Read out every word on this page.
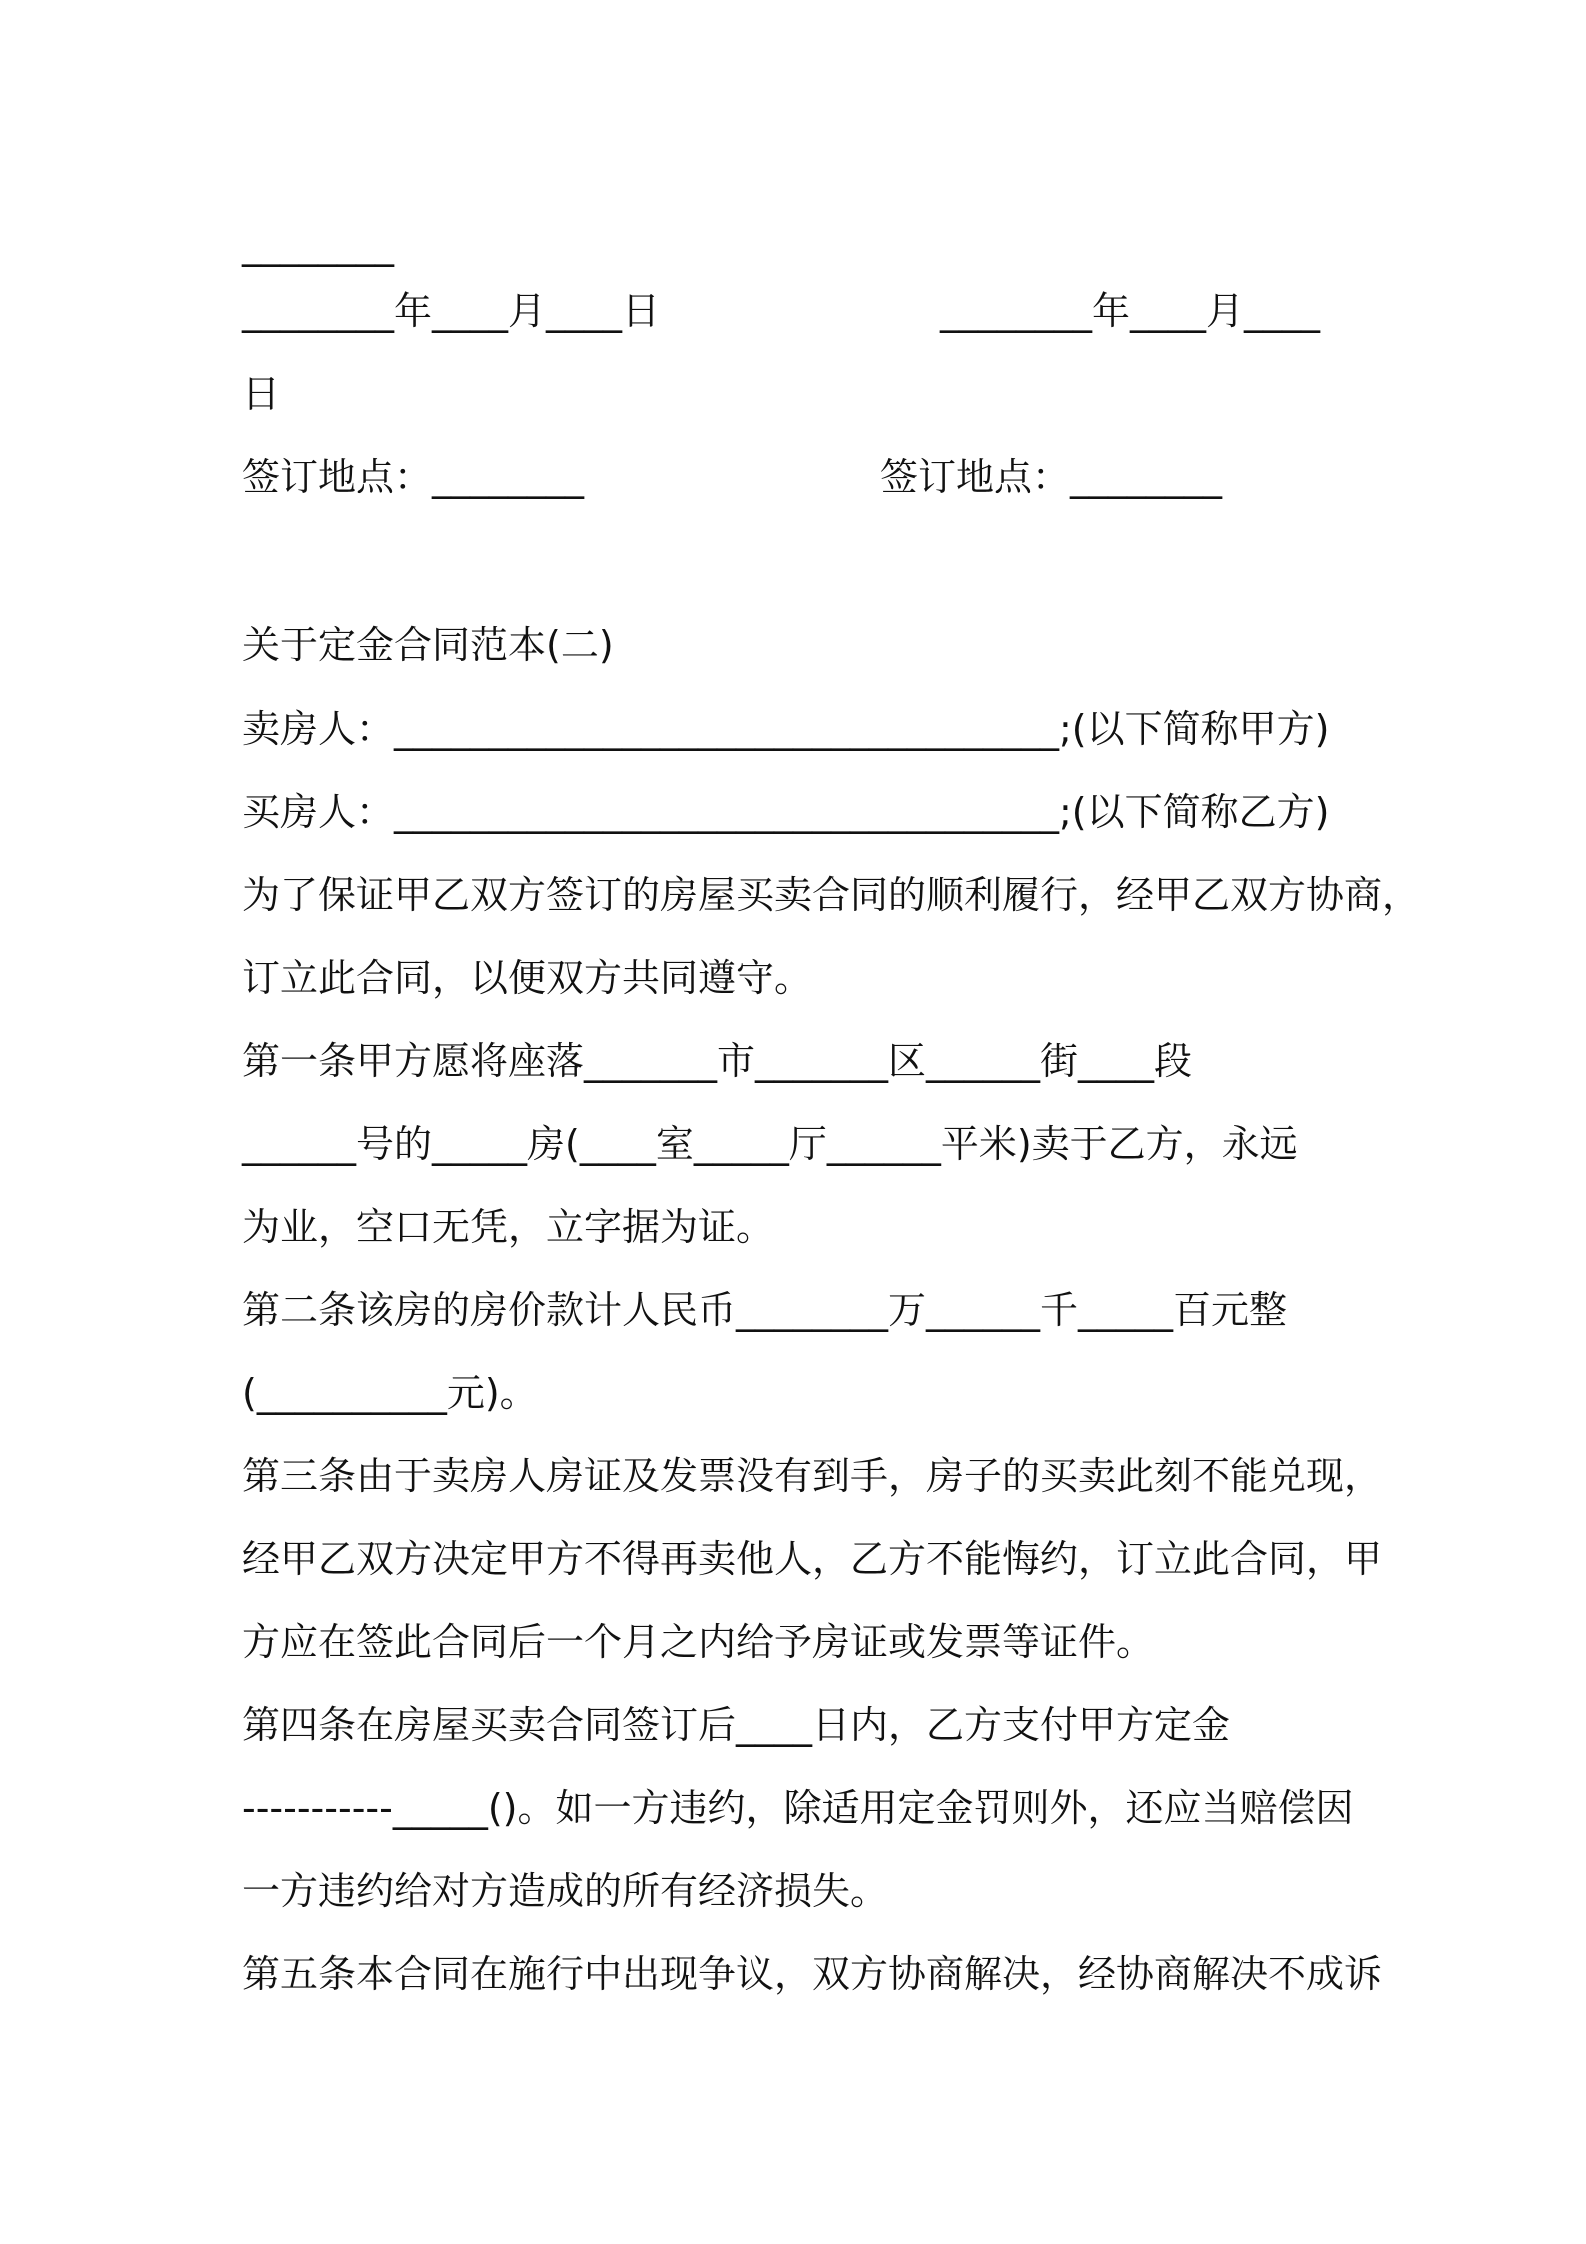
________
________年____月____日	________年____月____
日
签订地点：________	签订地点：________
关于定金合同范本(二)
卖房人：___________________________________;(以下简称甲方)
买房人：___________________________________;(以下简称乙方)
为了保证甲乙双方签订的房屋买卖合同的顺利履行，经甲乙双方协商，
订立此合同，以便双方共同遵守。
第一条甲方愿将座落_______市_______区______街____段
______号的_____房(____室_____厅______平米)卖于乙方，永远
为业，空口无凭，立字据为证。
第二条该房的房价款计人民币________万______千_____百元整
(__________元)。
第三条由于卖房人房证及发票没有到手，房子的买卖此刻不能兑现，
经甲乙双方决定甲方不得再卖他人，乙方不能悔约，订立此合同，甲
方应在签此合同后一个月之内给予房证或发票等证件。
第四条在房屋买卖合同签订后____日内，乙方支付甲方定金
-----------_____()。如一方违约，除适用定金罚则外，还应当赔偿因
一方违约给对方造成的所有经济损失。
第五条本合同在施行中出现争议，双方协商解决，经协商解决不成诉
